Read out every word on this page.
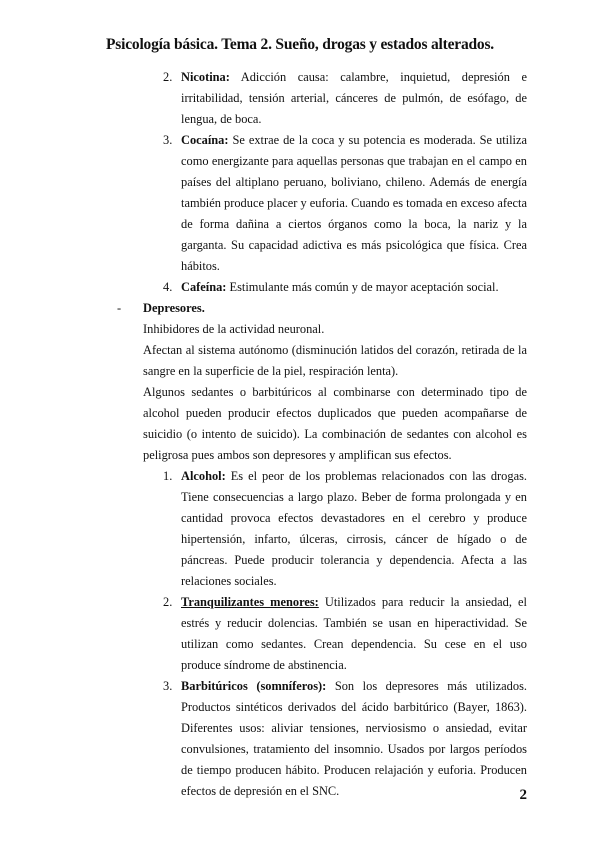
Psicología básica. Tema 2. Sueño, drogas y estados alterados.
2. Nicotina: Adicción causa: calambre, inquietud, depresión e irritabilidad, tensión arterial, cánceres de pulmón, de esófago, de lengua, de boca.
3. Cocaína: Se extrae de la coca y su potencia es moderada. Se utiliza como energizante para aquellas personas que trabajan en el campo en países del altiplano peruano, boliviano, chileno. Además de energía también produce placer y euforia. Cuando es tomada en exceso afecta de forma dañina a ciertos órganos como la boca, la nariz y la garganta. Su capacidad adictiva es más psicológica que física. Crea hábitos.
4. Cafeína: Estimulante más común y de mayor aceptación social.
- Depresores.
Inhibidores de la actividad neuronal.
Afectan al sistema autónomo (disminución latidos del corazón, retirada de la sangre en la superficie de la piel, respiración lenta).
Algunos sedantes o barbitúricos al combinarse con determinado tipo de alcohol pueden producir efectos duplicados que pueden acompañarse de suicidio (o intento de suicido). La combinación de sedantes con alcohol es peligrosa pues ambos son depresores y amplifican sus efectos.
1. Alcohol: Es el peor de los problemas relacionados con las drogas. Tiene consecuencias a largo plazo. Beber de forma prolongada y en cantidad provoca efectos devastadores en el cerebro y produce hipertensión, infarto, úlceras, cirrosis, cáncer de hígado o de páncreas. Puede producir tolerancia y dependencia. Afecta a las relaciones sociales.
2. Tranquilizantes menores: Utilizados para reducir la ansiedad, el estrés y reducir dolencias. También se usan en hiperactividad. Se utilizan como sedantes. Crean dependencia. Su cese en el uso produce síndrome de abstinencia.
3. Barbitúricos (somníferos): Son los depresores más utilizados. Productos sintéticos derivados del ácido barbitúrico (Bayer, 1863). Diferentes usos: aliviar tensiones, nerviosismo o ansiedad, evitar convulsiones, tratamiento del insomnio. Usados por largos períodos de tiempo producen hábito. Producen relajación y euforia. Producen efectos de depresión en el SNC.	2
